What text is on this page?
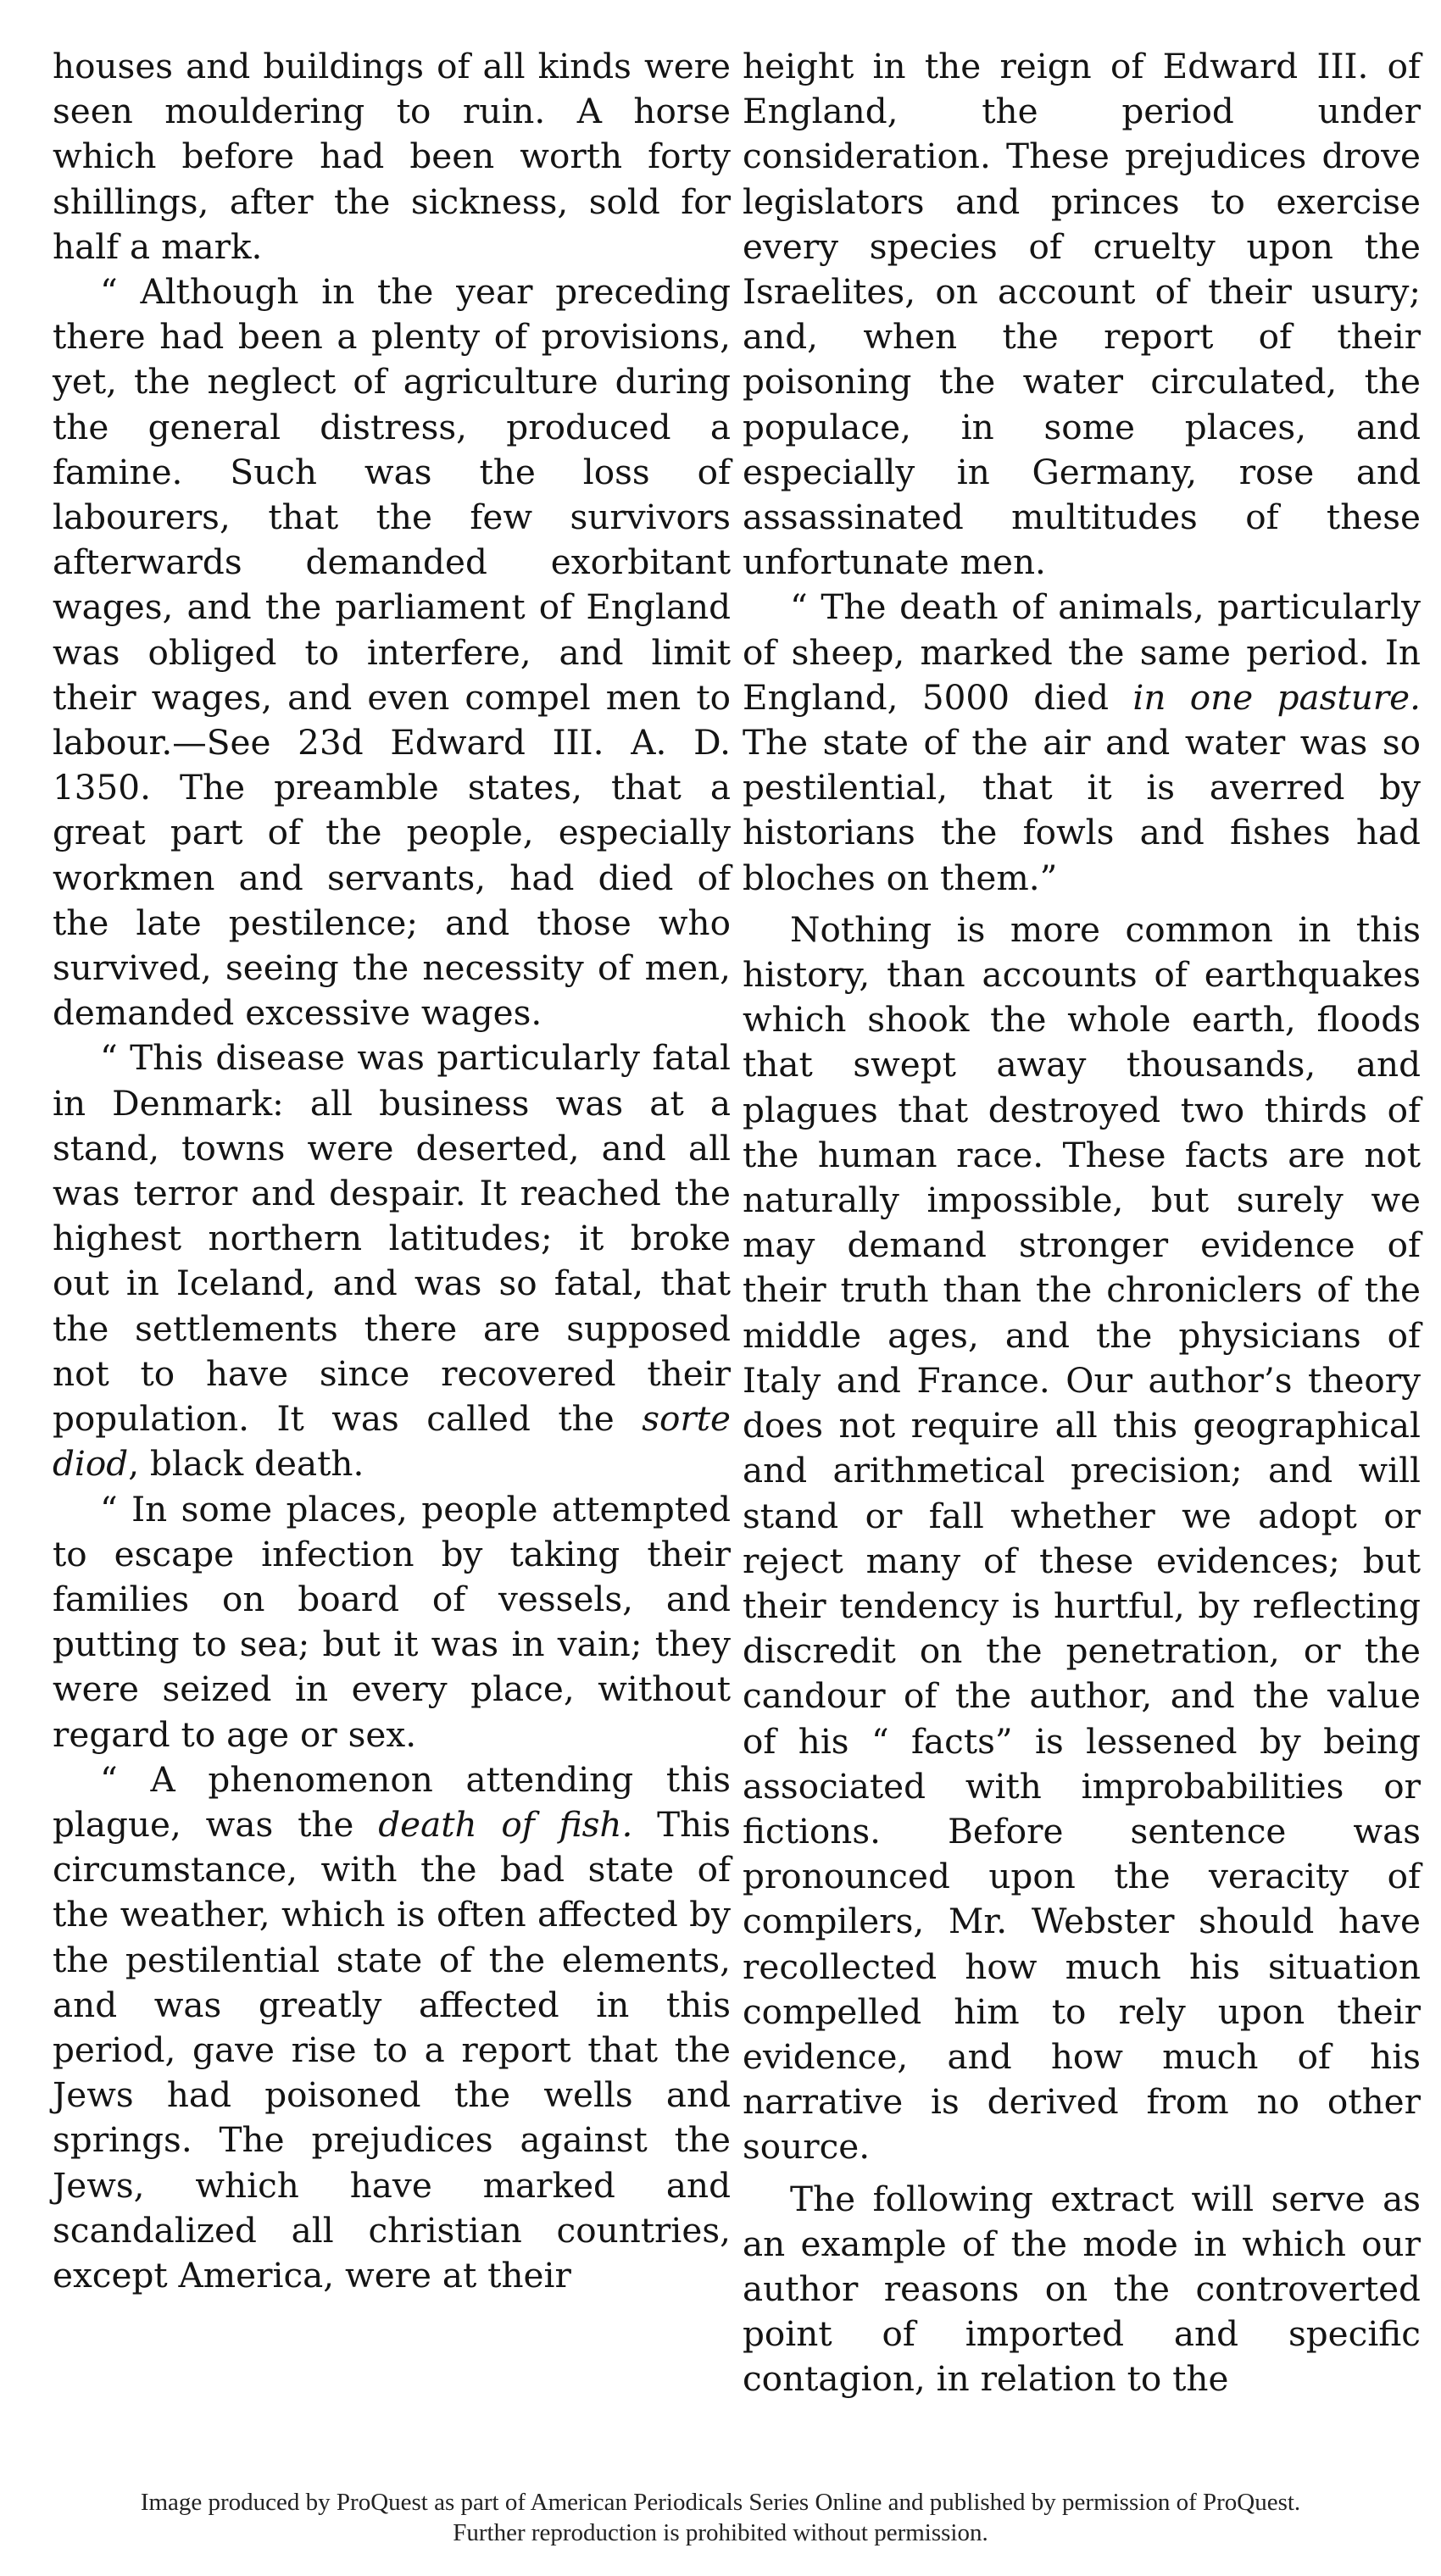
houses and buildings of all kinds were seen mouldering to ruin. A horse which before had been worth forty shillings, after the sickness, sold for half a mark.

“ Although in the year preceding there had been a plenty of provisions, yet, the neglect of agriculture during the general distress, produced a famine. Such was the loss of labourers, that the few survivors afterwards demanded exorbitant wages, and the parliament of England was obliged to interfere, and limit their wages, and even compel men to labour.—See 23d Edward III. A. D. 1350. The preamble states, that a great part of the people, especially workmen and servants, had died of the late pestilence; and those who survived, seeing the necessity of men, demanded excessive wages.

“ This disease was particularly fatal in Denmark: all business was at a stand, towns were deserted, and all was terror and despair. It reached the highest northern latitudes; it broke out in Iceland, and was so fatal, that the settlements there are supposed not to have since recovered their population. It was called the sorte diod, black death.

“ In some places, people attempted to escape infection by taking their families on board of vessels, and putting to sea; but it was in vain; they were seized in every place, without regard to age or sex.

“ A phenomenon attending this plague, was the death of fish. This circumstance, with the bad state of the weather, which is often affected by the pestilential state of the elements, and was greatly affected in this period, gave rise to a report that the Jews had poisoned the wells and springs. The prejudices against the Jews, which have marked and scandalized all christian countries, except America, were at their

height in the reign of Edward III. of England, the period under consideration. These prejudices drove legislators and princes to exercise every species of cruelty upon the Israelites, on account of their usury; and, when the report of their poisoning the water circulated, the populace, in some places, and especially in Germany, rose and assassinated multitudes of these unfortunate men.

“ The death of animals, particularly of sheep, marked the same period. In England, 5000 died in one pasture. The state of the air and water was so pestilential, that it is averred by historians the fowls and fishes had bloches on them.”

Nothing is more common in this history, than accounts of earthquakes which shook the whole earth, floods that swept away thousands, and plagues that destroyed two thirds of the human race. These facts are not naturally impossible, but surely we may demand stronger evidence of their truth than the chroniclers of the middle ages, and the physicians of Italy and France. Our author’s theory does not require all this geographical and arithmetical precision; and will stand or fall whether we adopt or reject many of these evidences; but their tendency is hurtful, by reflecting discredit on the penetration, or the candour of the author, and the value of his “ facts” is lessened by being associated with improbabilities or fictions. Before sentence was pronounced upon the veracity of compilers, Mr. Webster should have recollected how much his situation compelled him to rely upon their evidence, and how much of his narrative is derived from no other source.

The following extract will serve as an example of the mode in which our author reasons on the controverted point of imported and specific contagion, in relation to the

Image produced by ProQuest as part of American Periodicals Series Online and published by permission of ProQuest.
Further reproduction is prohibited without permission.
